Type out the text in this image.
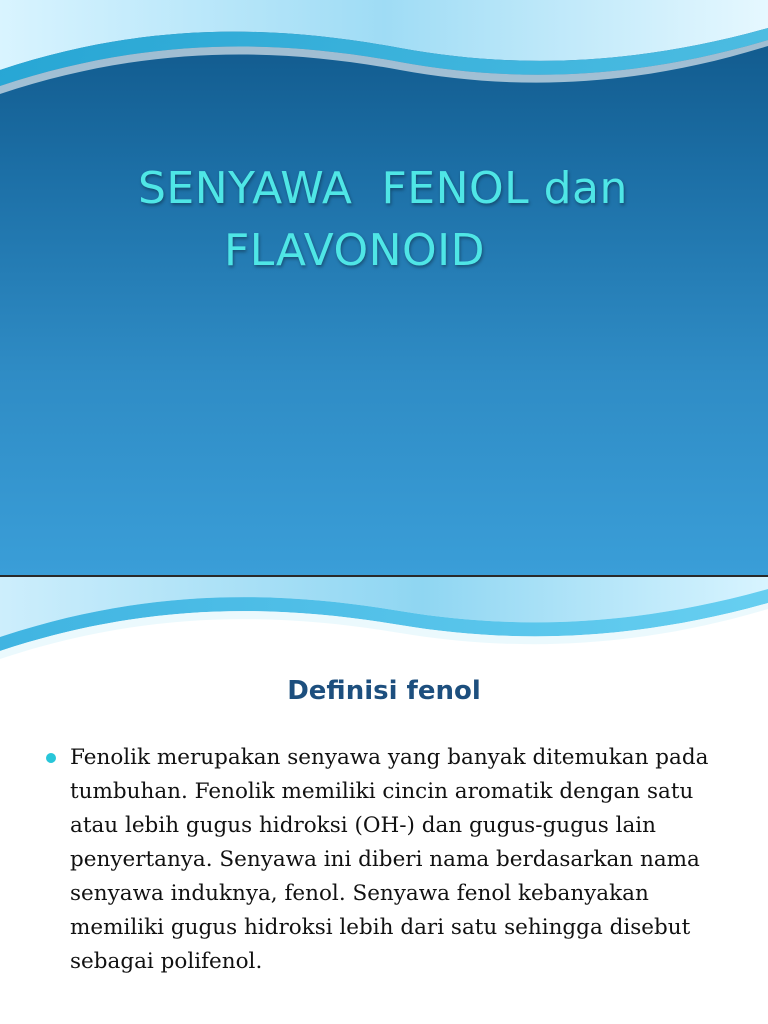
SENYAWA  FENOL dan
FLAVONOID
Definisi fenol
Fenolik merupakan senyawa yang banyak ditemukan pada tumbuhan. Fenolik memiliki cincin aromatik dengan satu atau lebih gugus hidroksi (OH-) dan gugus-gugus lain penyertanya. Senyawa ini diberi nama berdasarkan nama senyawa induknya, fenol. Senyawa fenol kebanyakan memiliki gugus hidroksi lebih dari satu sehingga disebut sebagai polifenol.
